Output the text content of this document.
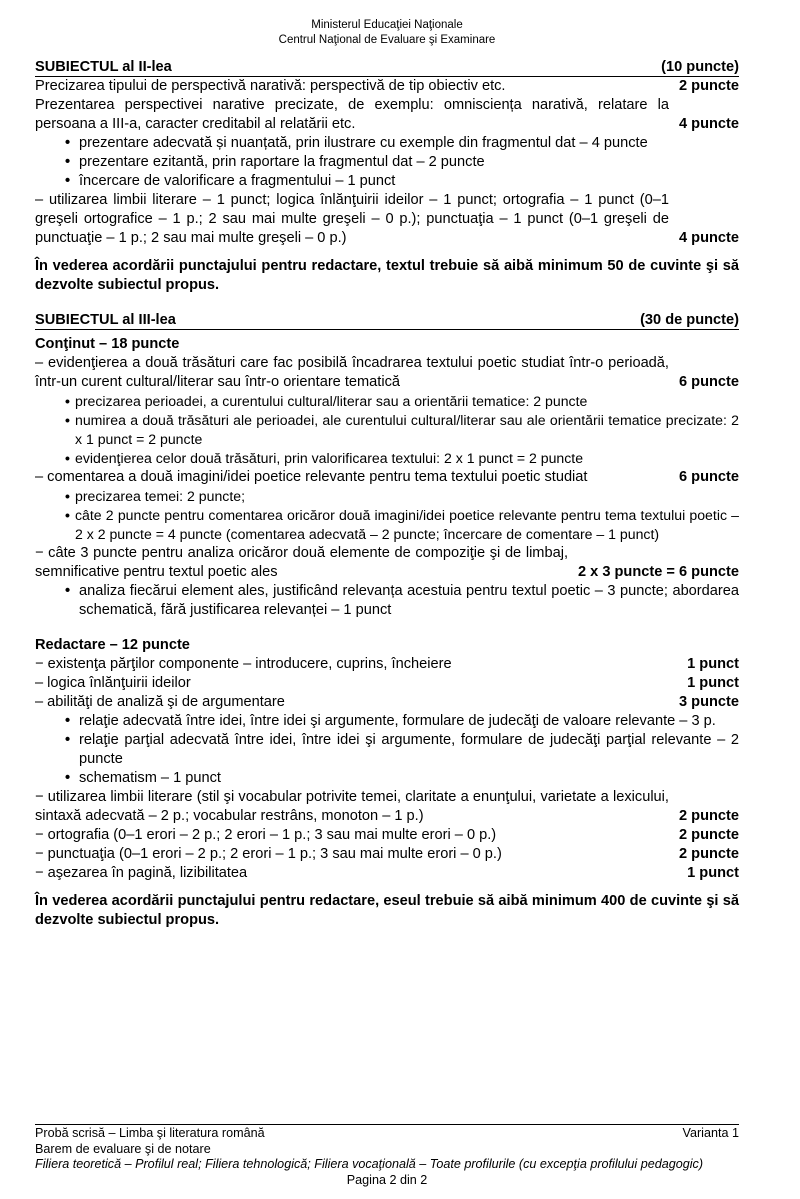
Ministerul Educaţiei Naţionale
Centrul Naţional de Evaluare şi Examinare
SUBIECTUL al II-lea	(10 puncte)
Precizarea tipului de perspectivă narativă: perspectivă de tip obiectiv etc.	2 puncte
Prezentarea perspectivei narative precizate, de exemplu: omnisciența narativă, relatare la persoana a III-a, caracter creditabil al relatării etc.	4 puncte
• prezentare adecvată și nuanțată, prin ilustrare cu exemple din fragmentul dat – 4 puncte
• prezentare ezitantă, prin raportare la fragmentul dat – 2 puncte
• încercare de valorificare a fragmentului – 1 punct
– utilizarea limbii literare – 1 punct; logica înlănţuirii ideilor – 1 punct; ortografia – 1 punct (0–1 greşeli ortografice – 1 p.; 2 sau mai multe greşeli – 0 p.); punctuaţia – 1 punct (0–1 greşeli de punctuaţie – 1 p.; 2 sau mai multe greşeli – 0 p.)	4 puncte
În vederea acordării punctajului pentru redactare, textul trebuie să aibă minimum 50 de cuvinte şi să dezvolte subiectul propus.
SUBIECTUL al III-lea	(30 de puncte)
Conţinut – 18 puncte
– evidenţierea a două trăsături care fac posibilă încadrarea textului poetic studiat într-o perioadă, într-un curent cultural/literar sau într-o orientare tematică	6 puncte
• precizarea perioadei, a curentului cultural/literar sau a orientării tematice: 2 puncte
• numirea a două trăsături ale perioadei, ale curentului cultural/literar sau ale orientării tematice precizate: 2 x 1 punct = 2 puncte
• evidenţierea celor două trăsături, prin valorificarea textului: 2 x 1 punct = 2 puncte
– comentarea a două imagini/idei poetice relevante pentru tema textului poetic studiat	6 puncte
• precizarea temei: 2 puncte;
• câte 2 puncte pentru comentarea oricăror două imagini/idei poetice relevante pentru tema textului poetic – 2 x 2 puncte = 4 puncte (comentarea adecvată – 2 puncte; încercare de comentare – 1 punct)
− câte 3 puncte pentru analiza oricăror două elemente de compoziţie şi de limbaj, semnificative pentru textul poetic ales	2 x 3 puncte = 6 puncte
• analiza fiecărui element ales, justificând relevanța acestuia pentru textul poetic – 3 puncte; abordarea schematică, fără justificarea relevanței – 1 punct
Redactare – 12 puncte
− existenţa părţilor componente – introducere, cuprins, încheiere	1 punct
– logica înlănţuirii ideilor	1 punct
– abilităţi de analiză şi de argumentare	3 puncte
• relaţie adecvată între idei, între idei şi argumente, formulare de judecăţi de valoare relevante – 3 p.
• relaţie parţial adecvată între idei, între idei şi argumente, formulare de judecăţi parţial relevante – 2 puncte
• schematism – 1 punct
− utilizarea limbii literare (stil şi vocabular potrivite temei, claritate a enunţului, varietate a lexicului, sintaxă adecvată – 2 p.; vocabular restrâns, monoton – 1 p.)	2 puncte
− ortografia (0–1 erori – 2 p.; 2 erori – 1 p.; 3 sau mai multe erori – 0 p.)	2 puncte
− punctuaţia (0–1 erori – 2 p.; 2 erori – 1 p.; 3 sau mai multe erori – 0 p.)	2 puncte
− aşezarea în pagină, lizibilitatea	1 punct
În vederea acordării punctajului pentru redactare, eseul trebuie să aibă minimum 400 de cuvinte şi să dezvolte subiectul propus.
Probă scrisă – Limba şi literatura română	Varianta 1
Barem de evaluare şi de notare
Filiera teoretică – Profilul real; Filiera tehnologică; Filiera vocaţională – Toate profilurile (cu excepţia profilului pedagogic)
Pagina 2 din 2
